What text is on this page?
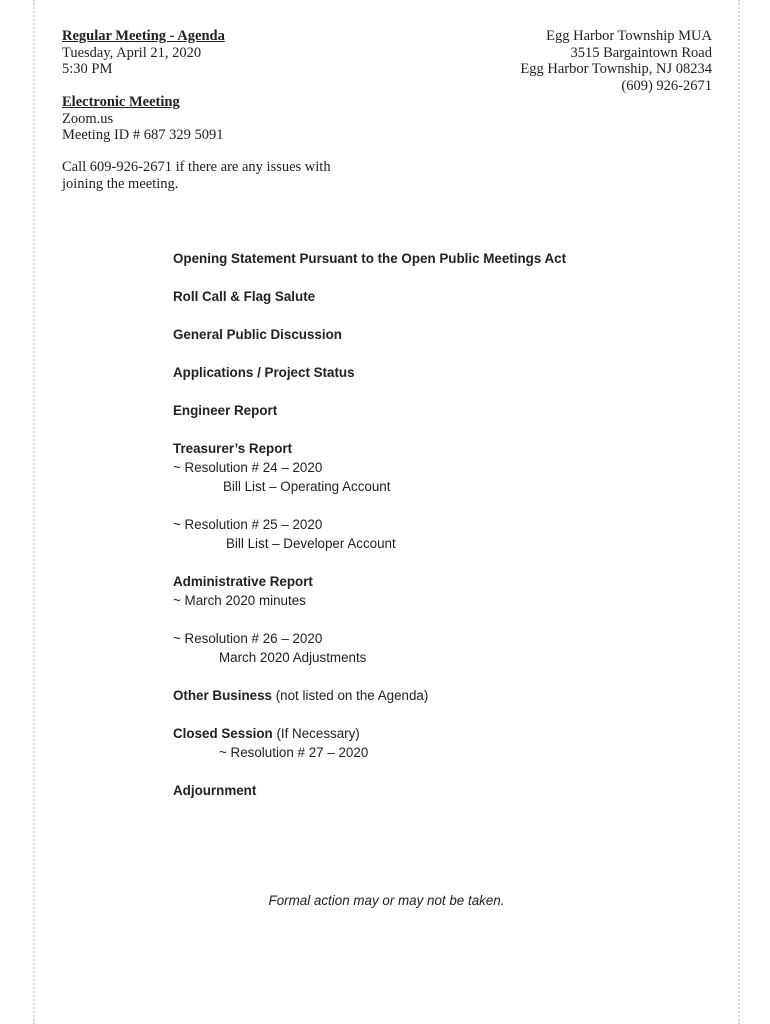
Regular Meeting - Agenda
Tuesday, April 21, 2020
5:30 PM
Egg Harbor Township MUA
3515 Bargaintown Road
Egg Harbor Township, NJ 08234
(609) 926-2671
Electronic Meeting
Zoom.us
Meeting ID # 687 329 5091
Call 609-926-2671 if there are any issues with
joining the meeting.
Opening Statement Pursuant to the Open Public Meetings Act
Roll Call & Flag Salute
General Public Discussion
Applications / Project Status
Engineer Report
Treasurer’s Report
~ Resolution # 24 – 2020
Bill List – Operating Account
~ Resolution # 25 – 2020
Bill List – Developer Account
Administrative Report
~ March 2020 minutes
~ Resolution # 26 – 2020
March 2020 Adjustments
Other Business (not listed on the Agenda)
Closed Session (If Necessary)
~ Resolution # 27 – 2020
Adjournment
Formal action may or may not be taken.
